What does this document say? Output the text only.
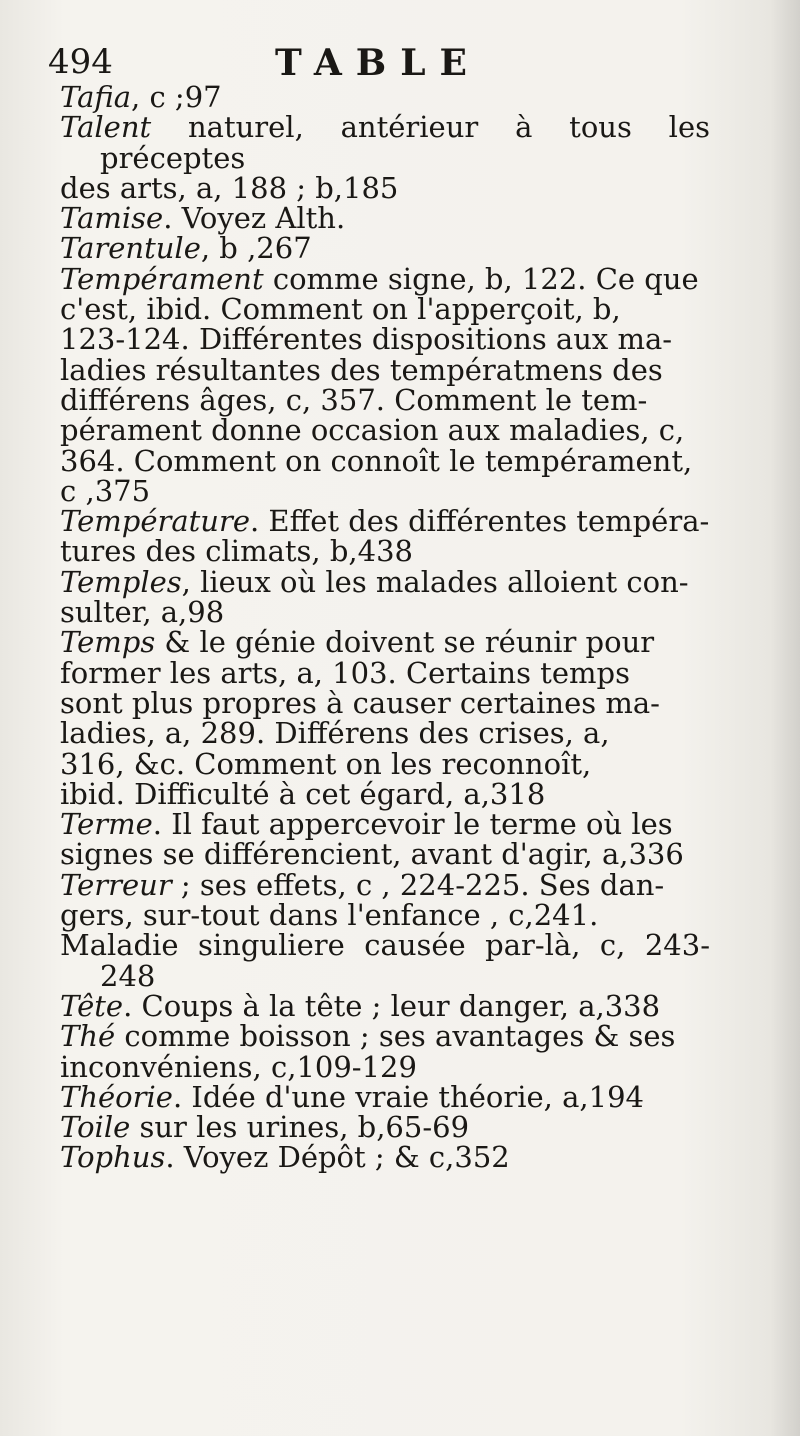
494	TABLE

Tafia, c ;97

Talent naturel, antérieur à tous les préceptes
des arts, a, 188 ; b,185

Tamise. Voyez Alth.

Tarentule, b ,267

Tempérament comme signe, b, 122. Ce que
c'est, ibid. Comment on l'apperçoit, b,
123-124. Différentes dispositions aux ma-
ladies résultantes des températmens des
différens âges, c, 357. Comment le tem-
pérament donne occasion aux maladies, c,
364. Comment on connoît le tempérament,
c ,375

Température. Effet des différentes tempéra-
tures des climats, b,438

Temples, lieux où les malades alloient con-
sulter, a,98

Temps & le génie doivent se réunir pour
former les arts, a, 103. Certains temps
sont plus propres à causer certaines ma-
ladies, a, 289. Différens des crises, a,
316, &c. Comment on les reconnoît,
ibid. Difficulté à cet égard, a,318

Terme. Il faut appercevoir le terme où les
signes se différencient, avant d'agir, a,336

Terreur ; ses effets, c , 224-225. Ses dan-
gers, sur-tout dans l'enfance , c,241.
Maladie singuliere causée par-là, c, 243-248

Tête. Coups à la tête ; leur danger, a,338

Thé comme boisson ; ses avantages & ses
inconvéniens, c,109-129

Théorie. Idée d'une vraie théorie, a,194

Toile sur les urines, b,65-69

Tophus. Voyez Dépôt ; & c,352
